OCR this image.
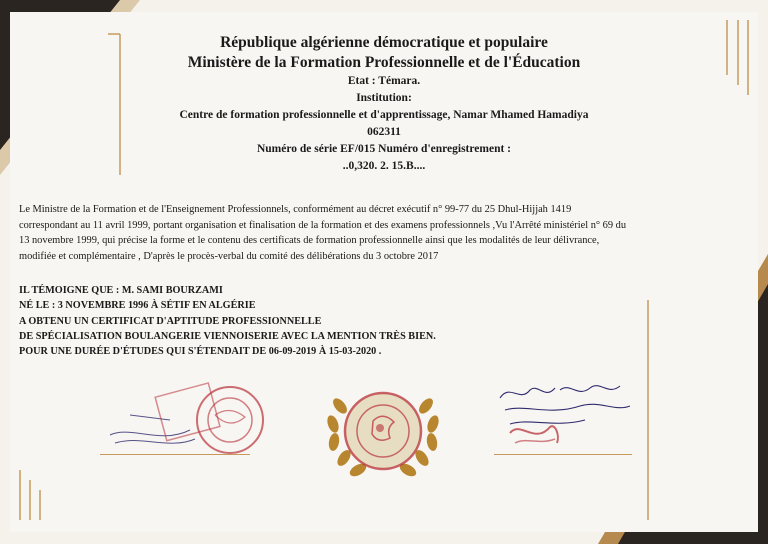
République algérienne démocratique et populaire
Ministère de la Formation Professionnelle et de l'Éducation
Etat : Témara.
Institution:
Centre de formation professionnelle et d'apprentissage, Namar Mhamed Hamadiya
062311
Numéro de série EF/015 Numéro d'enregistrement :
..0,320. 2. 15.B....
Le Ministre de la Formation et de l'Enseignement Professionnels, conformément au décret exécutif n° 99-77 du 25 Dhul-Hijjah 1419
correspondant au 11 avril 1999, portant organisation et finalisation de la formation et des examens professionnels ,Vu l'Arrêté ministériel n° 69 du
13 novembre 1999, qui précise la forme et le contenu des certificats de formation professionnelle ainsi que les modalités de leur délivrance,
modifiée et complémentaire , D'après le procès-verbal du comité des délibérations du 3 octobre 2017
IL TÉMOIGNE QUE : M. SAMI BOURZAMI
NÉ LE : 3 NOVEMBRE 1996 À SÉTIF EN ALGÉRIE
A OBTENU UN CERTIFICAT D'APTITUDE PROFESSIONNELLE
DE SPÉCIALISATION BOULANGERIE VIENNOISERIE AVEC LA MENTION TRÈS BIEN.
POUR UNE DURÉE D'ÉTUDES QUI S'ÉTENDAIT DE 06-09-2019 À 15-03-2020 .
